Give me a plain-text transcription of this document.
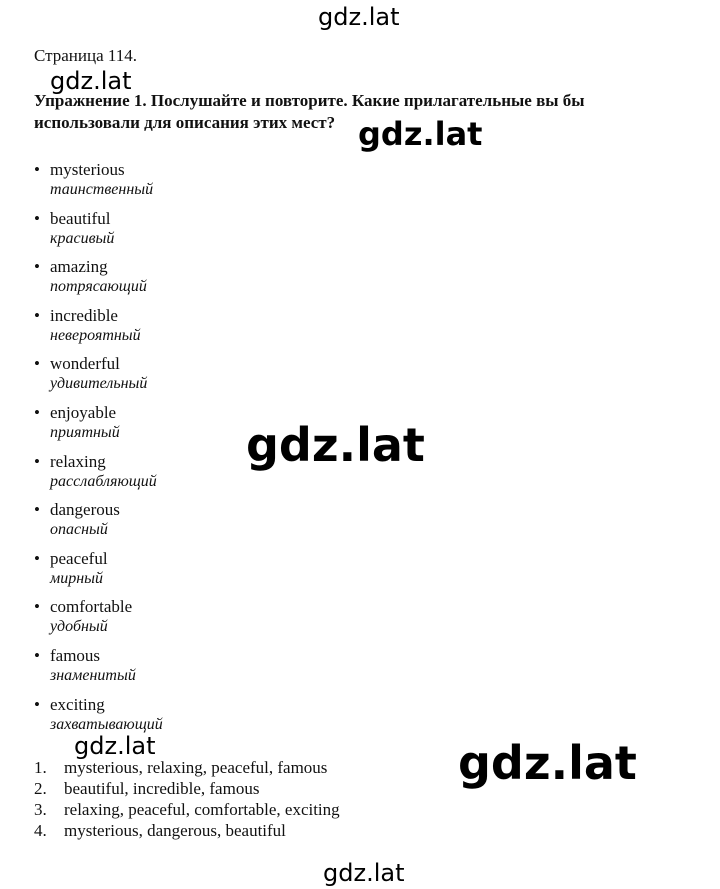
Страница 114.
Упражнение 1. Послушайте и повторите. Какие прилагательные вы бы использовали для описания этих мест?
• mysterious
таинственный
• beautiful
красивый
• amazing
потрясающий
• incredible
невероятный
• wonderful
удивительный
• enjoyable
приятный
• relaxing
расслабляющий
• dangerous
опасный
• peaceful
мирный
• comfortable
удобный
• famous
знаменитый
• exciting
захватывающий
1. mysterious, relaxing, peaceful, famous
2. beautiful, incredible, famous
3. relaxing, peaceful, comfortable, exciting
4. mysterious, dangerous, beautiful
gdz.lat
gdz.lat
gdz.lat
gdz.lat
gdz.lat	gdz.lat
gdz.lat
